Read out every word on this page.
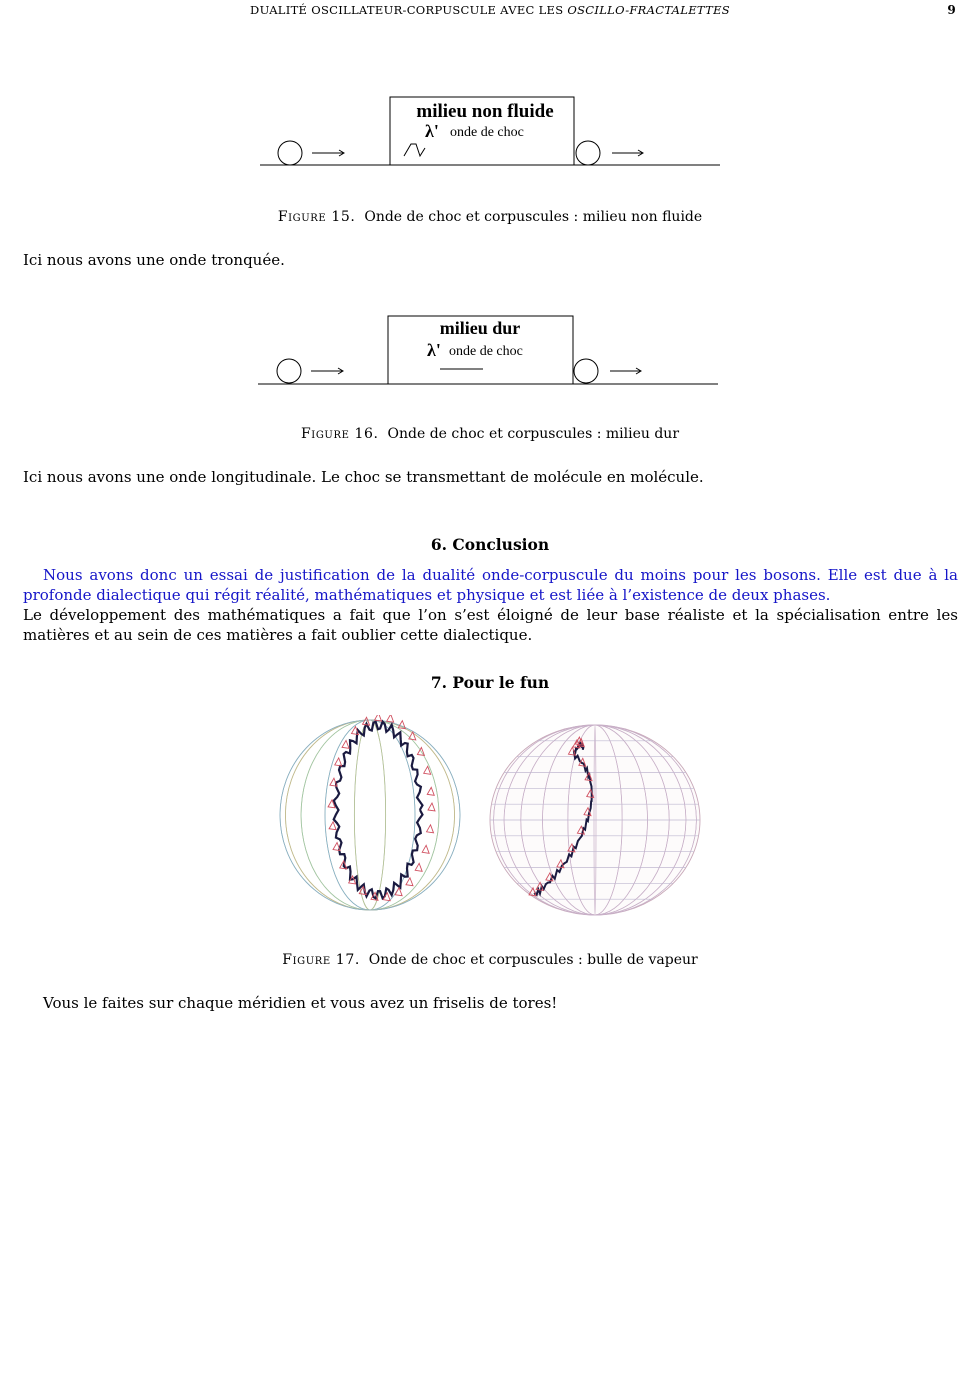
DUALITÉ OSCILLATEUR-CORPUSCULE AVEC LES OSCILLO-FRACTALETTES	9
milieu non fluide
λ' onde de choc
Figure 15. Onde de choc et corpuscules : milieu non fluide
Ici nous avons une onde tronquée.
milieu dur
λ' onde de choc
Figure 16. Onde de choc et corpuscules : milieu dur
Ici nous avons une onde longitudinale. Le choc se transmettant de molécule en molécule.
6. Conclusion
Nous avons donc un essai de justification de la dualité onde-corpuscule du moins pour les bosons. Elle est due à la profonde dialectique qui régit réalité, mathématiques et physique et est liée à l’existence de deux phases.
Le développement des mathématiques a fait que l’on s’est éloigné de leur base réaliste et la spécialisation entre les matières et au sein de ces matières a fait oublier cette dialectique.
7. Pour le fun
Figure 17. Onde de choc et corpuscules : bulle de vapeur
Vous le faites sur chaque méridien et vous avez un friselis de tores!
